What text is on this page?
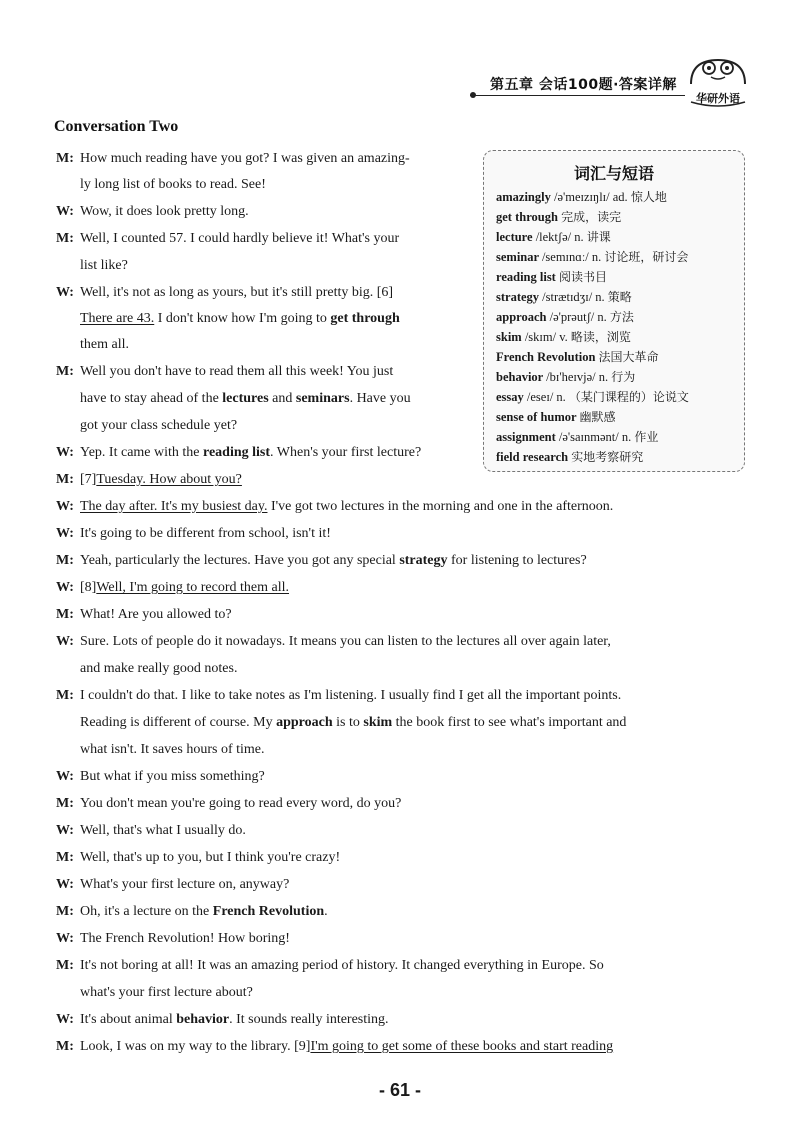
第五章 会话100题·答案详解
华研外语
Conversation Two
词汇与短语
amazingly /ə'meɪzɪŋlɪ/ ad. 惊人地
get through 完成，读完
lecture /lektʃə/ n. 讲课
seminar /semɪnɑː/ n. 讨论班，研讨会
reading list 阅读书目
strategy /strætɪdʒɪ/ n. 策略
approach /ə'prəutʃ/ n. 方法
skim /skɪm/ v. 略读，浏览
French Revolution 法国大革命
behavior /bɪ'heɪvjə/ n. 行为
essay /eseɪ/ n. （某门课程的）论说文
sense of humor 幽默感
assignment /ə'saɪnmənt/ n. 作业
field research 实地考察研究
M: How much reading have you got? I was given an amazing-
ly long list of books to read. See!
W: Wow, it does look pretty long.
M: Well, I counted 57. I could hardly believe it! What's your
list like?
W: Well, it's not as long as yours, but it's still pretty big. [6]
There are 43. I don't know how I'm going to get through
them all.
M: Well you don't have to read them all this week! You just
have to stay ahead of the lectures and seminars. Have you
got your class schedule yet?
W: Yep. It came with the reading list. When's your first lecture?
M: [7]Tuesday. How about you?
W: The day after. It's my busiest day. I've got two lectures in the morning and one in the afternoon.
W: It's going to be different from school, isn't it!
M: Yeah, particularly the lectures. Have you got any special strategy for listening to lectures?
W: [8]Well, I'm going to record them all.
M: What! Are you allowed to?
W: Sure. Lots of people do it nowadays. It means you can listen to the lectures all over again later,
and make really good notes.
M: I couldn't do that. I like to take notes as I'm listening. I usually find I get all the important points.
Reading is different of course. My approach is to skim the book first to see what's important and
what isn't. It saves hours of time.
W: But what if you miss something?
M: You don't mean you're going to read every word, do you?
W: Well, that's what I usually do.
M: Well, that's up to you, but I think you're crazy!
W: What's your first lecture on, anyway?
M: Oh, it's a lecture on the French Revolution.
W: The French Revolution! How boring!
M: It's not boring at all! It was an amazing period of history. It changed everything in Europe. So
what's your first lecture about?
W: It's about animal behavior. It sounds really interesting.
M: Look, I was on my way to the library. [9]I'm going to get some of these books and start reading
- 61 -
